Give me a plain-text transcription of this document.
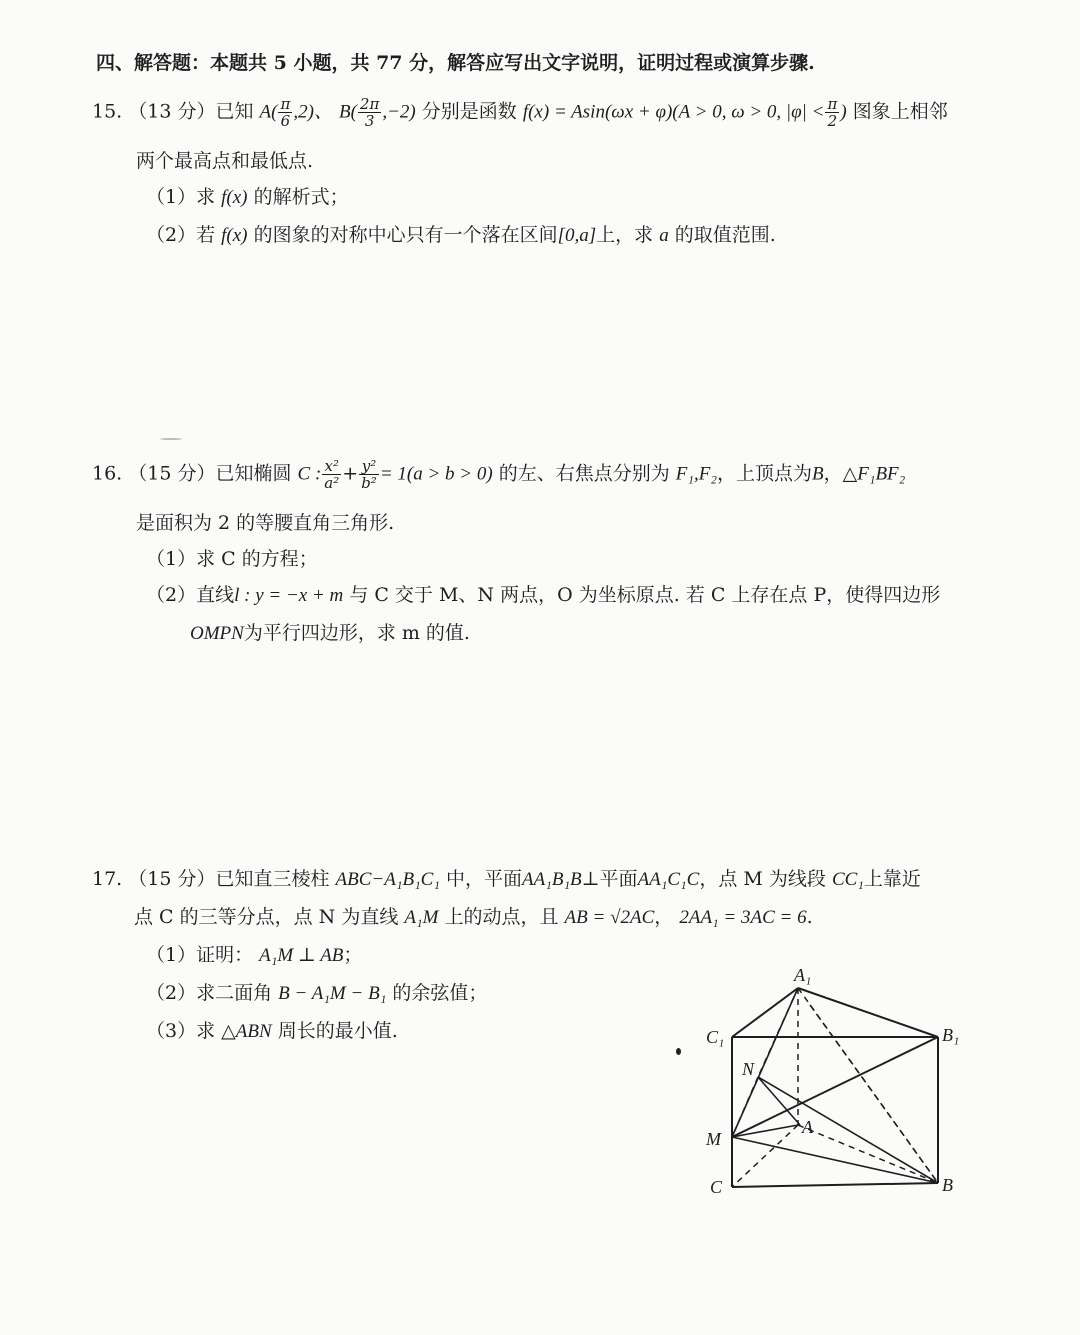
四、解答题：本题共 5 小题，共 77 分，解答应写出文字说明，证明过程或演算步骤.
15. （13 分）已知 $A( \frac{\pi}{6} ,2)$、 $B( \frac{2\pi}{3} ,-2)$ 分别是函数 f(x) = Asin(ωx + φ)(A > 0, ω > 0, $|\varphi| < \frac{\pi}{2}$ ) 图象上相邻
两个最高点和最低点.
（1）求 f(x) 的解析式；
（2）若 f(x) 的图象的对称中心只有一个落在区间[0,a]上，求 a 的取值范围.
16. （15 分）已知椭圆 C : $\frac{\text{x²}}{\text{a²}} + \frac{\text{y²}}{\text{b²}} = 1(a > b > 0)$ 的左、右焦点分别为 F₁,F₂，上顶点为B，△F₁BF₂
是面积为 2 的等腰直角三角形.
（1）求 C 的方程；
（2）直线l : y = −x + m 与 C 交于 M、N 两点，O 为坐标原点. 若 C 上存在点 P，使得四边形
OMPN为平行四边形，求 m 的值.
17. （15 分）已知直三棱柱 ABC−A₁B₁C₁ 中，平面AA₁B₁B⊥平面AA₁C₁C，点 M 为线段 CC₁上靠近
点 C 的三等分点，点 N 为直线 A₁M 上的动点，且 AB = √2AC， 2AA₁ = 3AC = 6.
（1）证明： A₁M ⊥ AB；
（2）求二面角 B − A₁M − B₁ 的余弦值；
（3）求 △ABN 周长的最小值.
A₁
B₁
C₁
N
A
M
C	B
